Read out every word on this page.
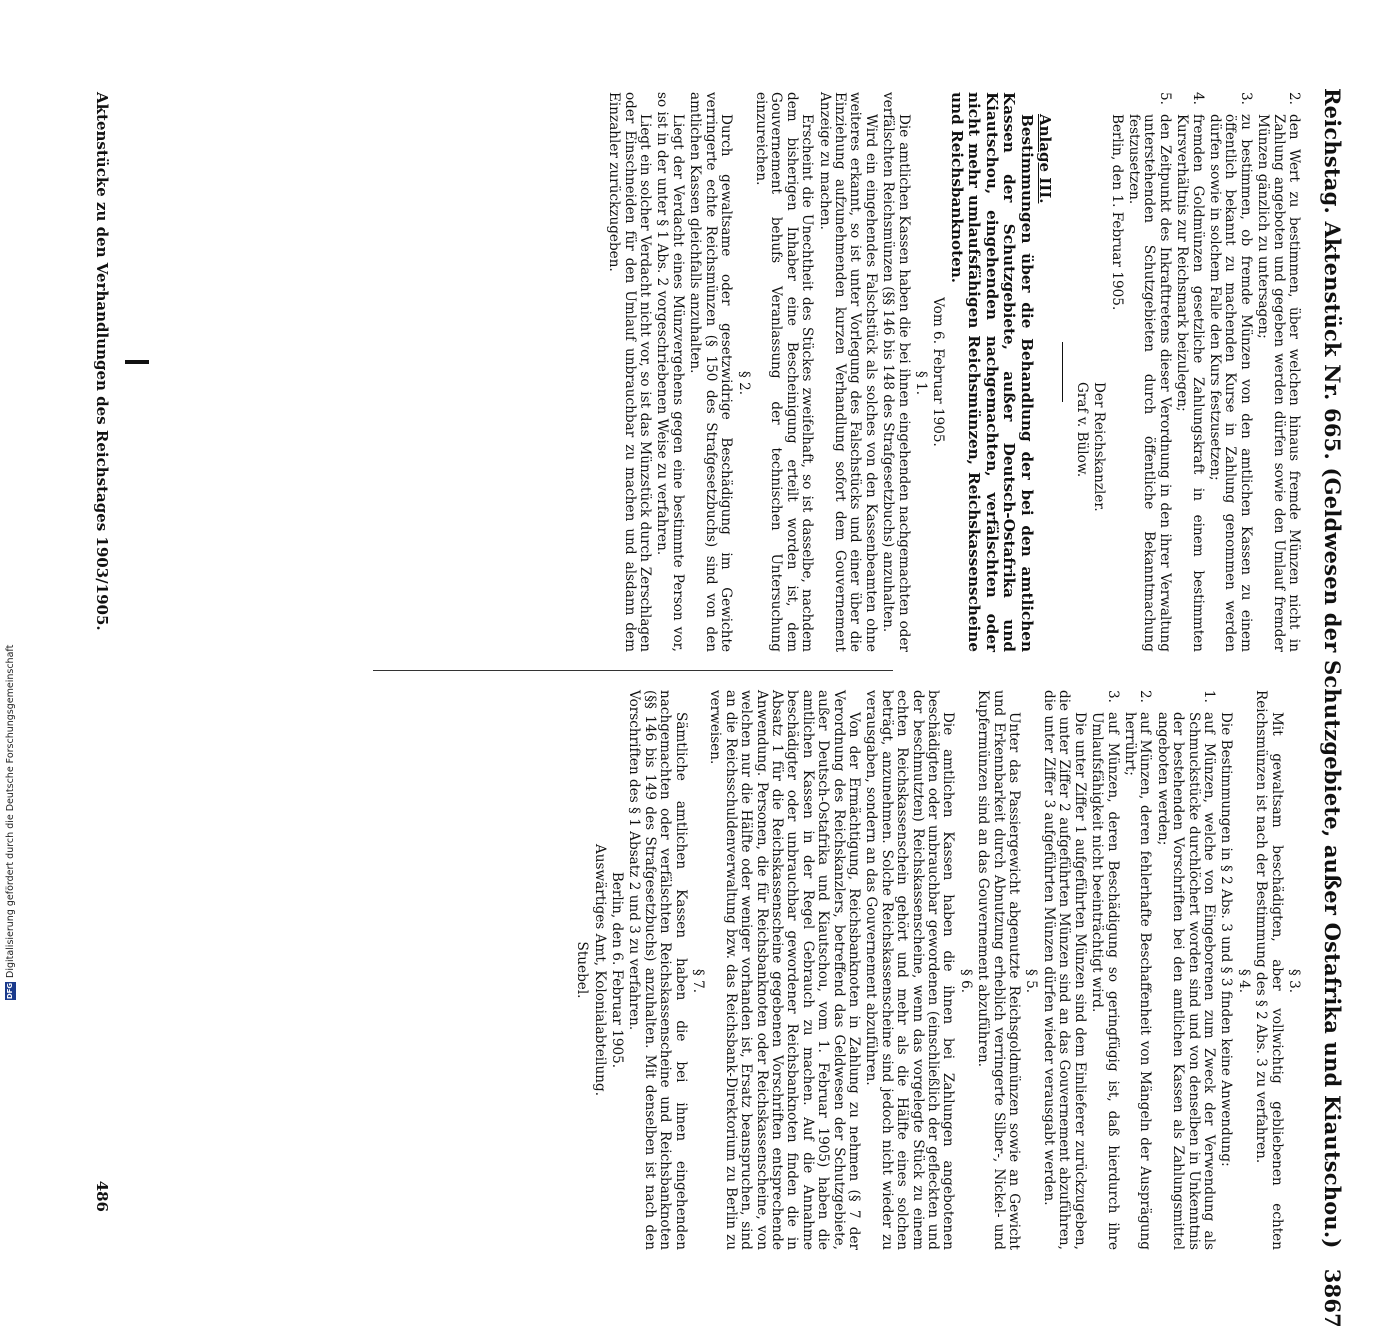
Reichstag. Aktenstück Nr. 665. (Geldwesen der Schutzgebiete, außer Ostafrika und Kiautschou.)
3867

2.
den Wert zu bestimmen, über welchen hinaus fremde Münzen nicht in Zahlung angeboten und gegeben werden dürfen sowie den Umlauf fremder Münzen gänzlich zu untersagen;

3.
zu bestimmen, ob fremde Münzen von den amtlichen Kassen zu einem öffentlich bekannt zu machenden Kurse in Zahlung genommen werden dürfen sowie in solchem Falle den Kurs festzusetzen;

4.
fremden Goldmünzen gesetzliche Zahlungskraft in einem bestimmten Kursverhältnis zur Reichsmark beizulegen;

5.
den Zeitpunkt des Inkrafttretens dieser Verordnung in den ihrer Verwaltung unterstehenden Schutzgebieten durch öffentliche Bekanntmachung festzusetzen.

Berlin, den 1. Februar 1905.

Der Reichskanzler.

Graf v. Bülow.

Anlage III.

Bestimmungen über die Behandlung der bei den amtlichen Kassen der Schutzgebiete, außer Deutsch-Ostafrika und Kiautschou, eingehenden nachgemachten, verfälschten oder nicht mehr umlaufsfähigen Reichsmünzen, Reichskassenscheine und Reichsbanknoten.

Vom 6. Februar 1905.

§ 1.

Die amtlichen Kassen haben die bei ihnen eingehenden nachgemachten oder verfälschten Reichsmünzen (§§ 146 bis 148 des Strafgesetzbuchs) anzuhalten.

Wird ein eingehendes Falschstück als solches von den Kassenbeamten ohne weiteres erkannt, so ist unter Vorlegung des Falschstücks und einer über die Einziehung aufzunehmenden kurzen Verhandlung sofort dem Gouvernement Anzeige zu machen.

Erscheint die Unechtheit des Stückes zweifelhaft, so ist dasselbe, nachdem dem bisherigen Inhaber eine Bescheinigung erteilt worden ist, dem Gouvernement behufs Veranlassung der technischen Untersuchung einzureichen.

§ 2.

Durch gewaltsame oder gesetzwidrige Beschädigung im Gewichte verringerte echte Reichsmünzen (§ 150 des Strafgesetzbuchs) sind von den amtlichen Kassen gleichfalls anzuhalten.

Liegt der Verdacht eines Münzvergehens gegen eine bestimmte Person vor, so ist in der unter § 1 Abs. 2 vorgeschriebenen Weise zu verfahren.

Liegt ein solcher Verdacht nicht vor, so ist das Münzstück durch Zerschlagen oder Einschneiden für den Umlauf unbrauchbar zu machen und alsdann dem Einzahler zurückzugeben.

§ 3.

Mit gewaltsam beschädigten, aber vollwichtig gebliebenen echten Reichsmünzen ist nach der Bestimmung des § 2 Abs. 3 zu verfahren.

§ 4.

Die Bestimmungen in § 2 Abs. 3 und § 3 finden keine Anwendung:

1.
auf Münzen, welche von Eingeborenen zum Zweck der Verwendung als Schmuckstücke durchlöchert worden sind und von denselben in Unkenntnis der bestehenden Vorschriften bei den amtlichen Kassen als Zahlungsmittel angeboten werden;

2.
auf Münzen, deren fehlerhafte Beschaffenheit von Mängeln der Ausprägung herrührt;

3.
auf Münzen, deren Beschädigung so geringfügig ist, daß hierdurch ihre Umlaufsfähigkeit nicht beeinträchtigt wird.

Die unter Ziffer 1 aufgeführten Münzen sind dem Einlieferer zurückzugeben, die unter Ziffer 2 aufgeführten Münzen sind an das Gouvernement abzuführen, die unter Ziffer 3 aufgeführten Münzen dürfen wieder verausgabt werden.

§ 5.

Unter das Passiergewicht abgenutzte Reichsgoldmünzen sowie an Gewicht und Erkennbarkeit durch Abnutzung erheblich verringerte Silber-, Nickel- und Kupfermünzen sind an das Gouvernement abzuführen.

§ 6.

Die amtlichen Kassen haben die ihnen bei Zahlungen angebotenen beschädigten oder unbrauchbar gewordenen (einschließlich der gefleckten und der beschmutzten) Reichskassenscheine, wenn das vorgelegte Stück zu einem echten Reichskassenschein gehört und mehr als die Hälfte eines solchen beträgt, anzunehmen. Solche Reichskassenscheine sind jedoch nicht wieder zu verausgaben, sondern an das Gouvernement abzuführen.

Von der Ermächtigung, Reichsbanknoten in Zahlung zu nehmen (§ 7 der Verordnung des Reichskanzlers, betreffend das Geldwesen der Schutzgebiete, außer Deutsch-Ostafrika und Kiautschou, vom 1. Februar 1905) haben die amtlichen Kassen in der Regel Gebrauch zu machen. Auf die Annahme beschädigter oder unbrauchbar gewordener Reichsbanknoten finden die in Absatz 1 für die Reichskassenscheine gegebenen Vorschriften entsprechende Anwendung. Personen, die für Reichsbanknoten oder Reichskassenscheine, von welchen nur die Hälfte oder weniger vorhanden ist, Ersatz beanspruchen, sind an die Reichsschuldenverwaltung bzw. das Reichsbank-Direktorium zu Berlin zu verweisen.

§ 7.

Sämtliche amtlichen Kassen haben die bei ihnen eingehenden nachgemachten oder verfälschten Reichskassenscheine und Reichsbanknoten (§§ 146 bis 149 des Strafgesetzbuchs) anzuhalten. Mit denselben ist nach den Vorschriften des § 1 Absatz 2 und 3 zu verfahren.

Berlin, den 6. Februar 1905.

Auswärtiges Amt, Kolonialabteilung.

Stuebel.

Aktenstücke zu den Verhandlungen des Reichstages 1903/1905.
486
DFG
Digitalisierung gefördert durch die Deutsche Forschungsgemeinschaft
